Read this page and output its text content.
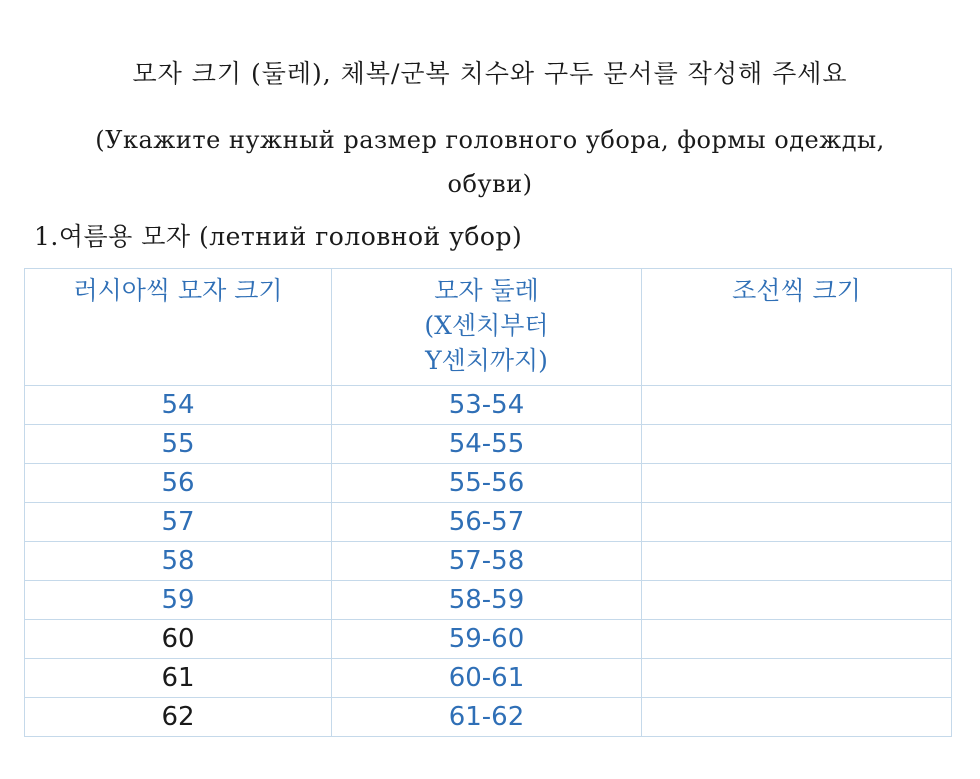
모자 크기 (둘레), 체복/군복 치수와 구두 문서를 작성해 주세요
(Укажите нужный размер головного убора, формы одежды,
обуви)
1.여름용 모자 (летний головной убор)
러시아씩 모자 크기	모자 둘레
(X센치부터
Y센치까지)	조선씩 크기

54	53-54	
55	54-55	
56	55-56	
57	56-57	
58	57-58	
59	58-59	
60	59-60	
61	60-61	
62	61-62	
